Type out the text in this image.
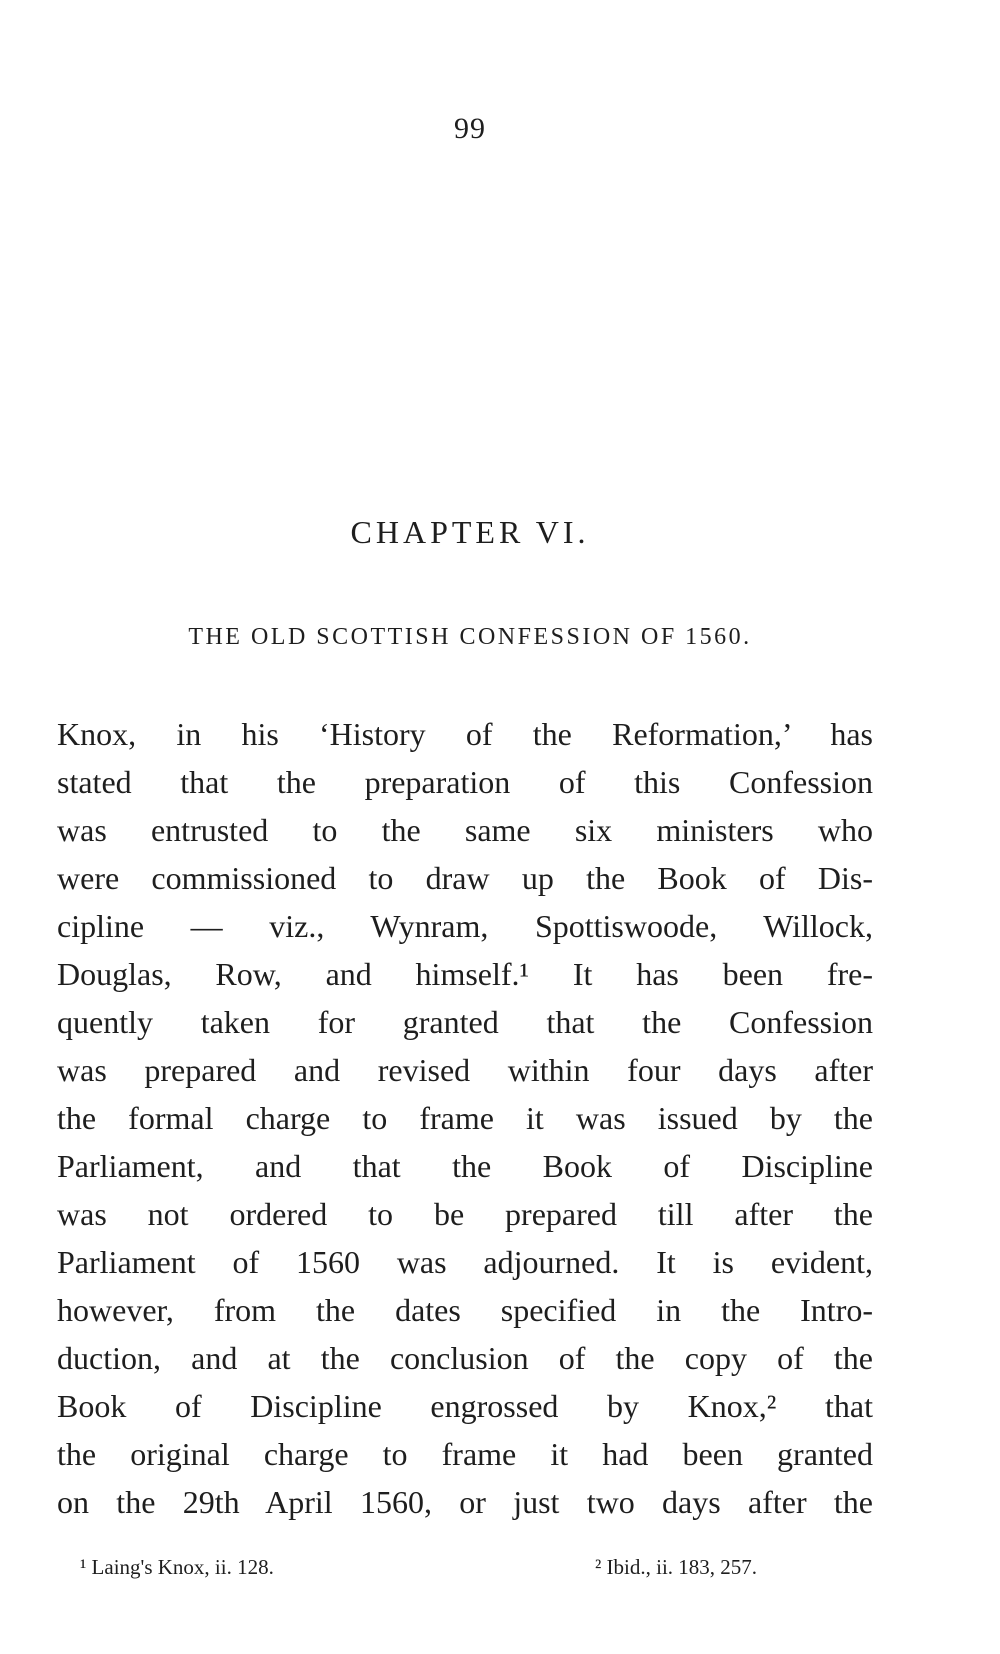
99
CHAPTER VI.
THE OLD SCOTTISH CONFESSION OF 1560.
Knox, in his ‘History of the Reformation,’ has
stated that the preparation of this Confession
was entrusted to the same six ministers who
were commissioned to draw up the Book of Dis-
cipline — viz., Wynram, Spottiswoode, Willock,
Douglas, Row, and himself.¹ It has been fre-
quently taken for granted that the Confession
was prepared and revised within four days after
the formal charge to frame it was issued by the
Parliament, and that the Book of Discipline
was not ordered to be prepared till after the
Parliament of 1560 was adjourned. It is evident,
however, from the dates specified in the Intro-
duction, and at the conclusion of the copy of the
Book of Discipline engrossed by Knox,² that
the original charge to frame it had been granted
on the 29th April 1560, or just two days after the
¹ Laing's Knox, ii. 128.	² Ibid., ii. 183, 257.
